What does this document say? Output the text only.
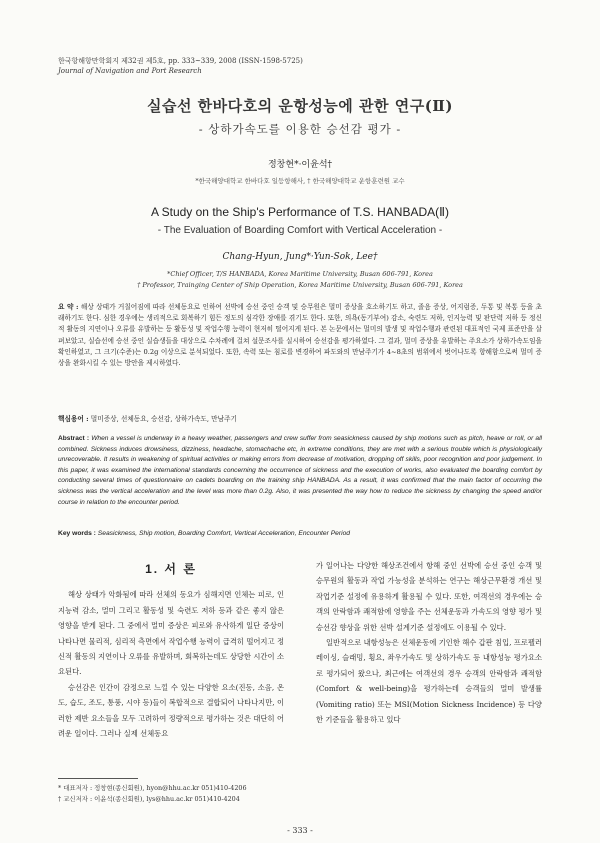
한국항해항만학회지 제32권 제5호, pp. 333~339, 2008 (ISSN-1598-5725)
Journal of Navigation and Port Research
실습선 한바다호의 운항성능에 관한 연구(Ⅱ)
- 상하가속도를 이용한 승선감 평가 -
정창현*·이윤석†
*한국해양대학교 한바다호 일등항해사, † 한국해양대학교 운항훈련원 교수
A Study on the Ship's Performance of T.S. HANBADA(Ⅱ)
- The Evaluation of Boarding Comfort with Vertical Acceleration -
Chang-Hyun, Jung*·Yun-Sok, Lee†
*Chief Officer, T/S HANBADA, Korea Maritime University, Busan 606-791, Korea
† Professor, Trainging Center of Ship Operation, Korea Maritime University, Busan 606-791, Korea
요 약 : 해상 상태가 거칠어짐에 따라 선체동요로 인하여 선박에 승선 중인 승객 및 승무원은 멀미 증상을 호소하기도 하고, 졸음 증상, 어지럼증, 두통 및 복통 등을 초래하기도 한다. 심한 경우에는 생리적으로 회복하기 힘든 정도의 심각한 장애를 겪기도 한다. 또한, 의욕(동기부여) 감소, 숙련도 저하, 인지능력 및 판단력 저하 등 정신적 활동의 지연이나 오류를 유발하는 등 활동성 및 작업수행 능력이 현저히 떨어지게 된다. 본 논문에서는 멀미의 발생 및 작업수행과 관련된 대표적인 국제 표준안을 살펴보았고, 실습선에 승선 중인 실습생들을 대상으로 수차례에 걸쳐 설문조사를 실시하여 승선감을 평가하였다. 그 결과, 멀미 증상을 유발하는 주요소가 상하가속도임을 확인하였고, 그 크기(수준)는 0.2g 이상으로 분석되었다. 또한, 속력 또는 침로를 변경하여 파도와의 만남주기가 4~8초의 범위에서 벗어나도록 항해함으로써 멀미 증상을 완화시킬 수 있는 방안을 제시하였다.
핵심용어 : 멀미증상, 선체동요, 승선감, 상하가속도, 만남주기
Abstract : When a vessel is underway in a heavy weather, passengers and crew suffer from seasickness caused by ship motions such as pitch, heave or roll, or all combined. Sickness induces drowsiness, dizziness, headache, stomachache etc, in extreme conditions, they are met with a serious trouble which is physiologically unrecoverable. It results in weakening of spiritual activities or making errors from decrease of motivation, dropping off skills, poor recognition and poor judgement. In this paper, it was examined the international standards concerning the occurrence of sickness and the execution of works, also evaluated the boarding comfort by conducting several times of questionnaire on cadets boarding on the training ship HANBADA. As a result, it was confirmed that the main factor of occurring the sickness was the vertical acceleration and the level was more than 0.2g. Also, it was presented the way how to reduce the sickness by changing the speed and/or course in relation to the encounter period.
Key words : Seasickness, Ship motion, Boarding Comfort, Vertical Acceleration, Encounter Period
1. 서 론

해상 상태가 악화됨에 따라 선체의 동요가 심해지면 인체는 피로, 인지능력 감소, 멀미 그리고 활동성 및 숙련도 저하 등과 같은 좋지 않은 영향을 받게 된다. 그 중에서 멀미 증상은 피로와 유사하게 일단 증상이 나타나면 물리적, 심리적 측면에서 작업수행 능력이 급격히 떨어지고 정신적 활동의 지연이나 오류를 유발하며, 회복하는데도 상당한 시간이 소요된다.

승선감은 인간이 감정으로 느낄 수 있는 다양한 요소(진동, 소음, 온도, 습도, 조도, 통풍, 시야 등)들이 복합적으로 결합되어 나타나지만, 이러한 제반 요소들을 모두 고려하여 정량적으로 평가하는 것은 대단히 어려운 일이다. 그러나 실제 선체동요

가 일어나는 다양한 해상조건에서 항해 중인 선박에 승선 중인 승객 및 승무원의 활동과 작업 가능성을 분석하는 연구는 해상근무환경 개선 및 작업기준 설정에 유용하게 활용될 수 있다. 또한, 여객선의 경우에는 승객의 안락함과 쾌적함에 영향을 주는 선체운동과 가속도의 영향 평가 및 승선감 향상을 위한 선박 설계기준 설정에도 이용될 수 있다.

일반적으로 내항성능은 선체운동에 기인한 해수 갑판 침입, 프로펠러 레이싱, 슬래밍, 횡요, 좌우가속도 및 상하가속도 등 내항성능 평가요소로 평가되어 왔으나, 최근에는 여객선의 경우 승객의 안락함과 쾌적함(Comfort & well-being)을 평가하는데 승객들의 멀미 발생률(Vomiting ratio) 또는 MSI(Motion Sickness Incidence) 등 다양한 기준들을 활용하고 있다

* 대표저자 : 정창현(종신회원), hyon@hhu.ac.kr 051)410-4206
† 교신저자 : 이윤석(종신회원), lys@hhu.ac.kr 051)410-4204
- 333 -
